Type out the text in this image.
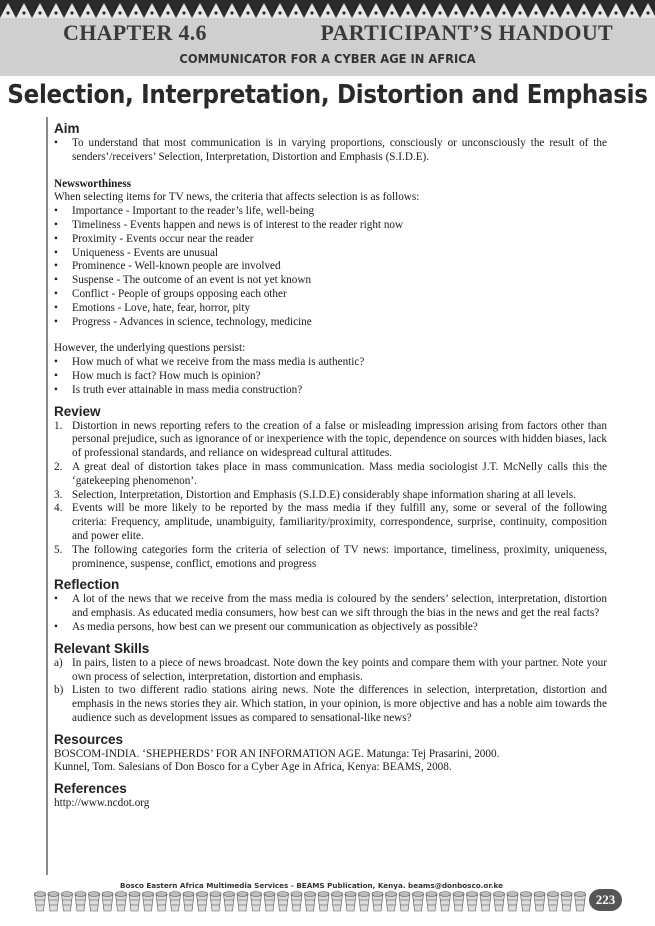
CHAPTER 4.6	PARTICIPANT’S HANDOUT
COMMUNICATOR FOR A CYBER AGE IN AFRICA
Selection, Interpretation, Distortion and Emphasis
Aim
• To understand that most communication is in varying proportions, consciously or unconsciously the result of the senders’/receivers’ Selection, Interpretation, Distortion and Emphasis (S.I.D.E).

Newsworthiness

When selecting items for TV news, the criteria that affects selection is as follows:

• Importance - Important to the reader’s life, well-being
• Timeliness - Events happen and news is of interest to the reader right now
• Proximity - Events occur near the reader
• Uniqueness - Events are unusual
• Prominence - Well-known people are involved
• Suspense - The outcome of an event is not yet known
• Conflict - People of groups opposing each other
• Emotions - Love, hate, fear, horror, pity
• Progress - Advances in science, technology, medicine

However, the underlying questions persist:

• How much of what we receive from the mass media is authentic?
• How much is fact? How much is opinion?
• Is truth ever attainable in mass media construction?
Review
1. Distortion in news reporting refers to the creation of a false or misleading impression arising from factors other than personal prejudice, such as ignorance of or inexperience with the topic, dependence on sources with hidden biases, lack of professional standards, and reliance on widespread cultural attitudes.
2. A great deal of distortion takes place in mass communication. Mass media sociologist J.T. McNelly calls this the ‘gatekeeping phenomenon’.
3. Selection, Interpretation, Distortion and Emphasis (S.I.D.E) considerably shape information sharing at all levels.
4. Events will be more likely to be reported by the mass media if they fulfill any, some or several of the following criteria: Frequency, amplitude, unambiguity, familiarity/proximity, correspondence, surprise, continuity, composition and power elite.
5. The following categories form the criteria of selection of TV news: importance, timeliness, proximity, uniqueness, prominence, suspense, conflict, emotions and progress
Reflection
• A lot of the news that we receive from the mass media is coloured by the senders’ selection, interpretation, distortion and emphasis. As educated media consumers, how best can we sift through the bias in the news and get the real facts?
• As media persons, how best can we present our communication as objectively as possible?
Relevant Skills
a) In pairs, listen to a piece of news broadcast. Note down the key points and compare them with your partner. Note your own process of selection, interpretation, distortion and emphasis.
b) Listen to two different radio stations airing news. Note the differences in selection, interpretation, distortion and emphasis in the news stories they air. Which station, in your opinion, is more objective and has a noble aim towards the audience such as development issues as compared to sensational-like news?
Resources

BOSCOM-INDIA. ‘SHEPHERDS’ FOR AN INFORMATION AGE. Matunga: Tej Prasarini, 2000.

Kunnel, Tom. Salesians of Don Bosco for a Cyber Age in Africa, Kenya: BEAMS, 2008.

References

http://www.ncdot.org

Bosco Eastern Africa Multimedia Services - BEAMS Publication, Kenya. beams@donbosco.or.ke
223
